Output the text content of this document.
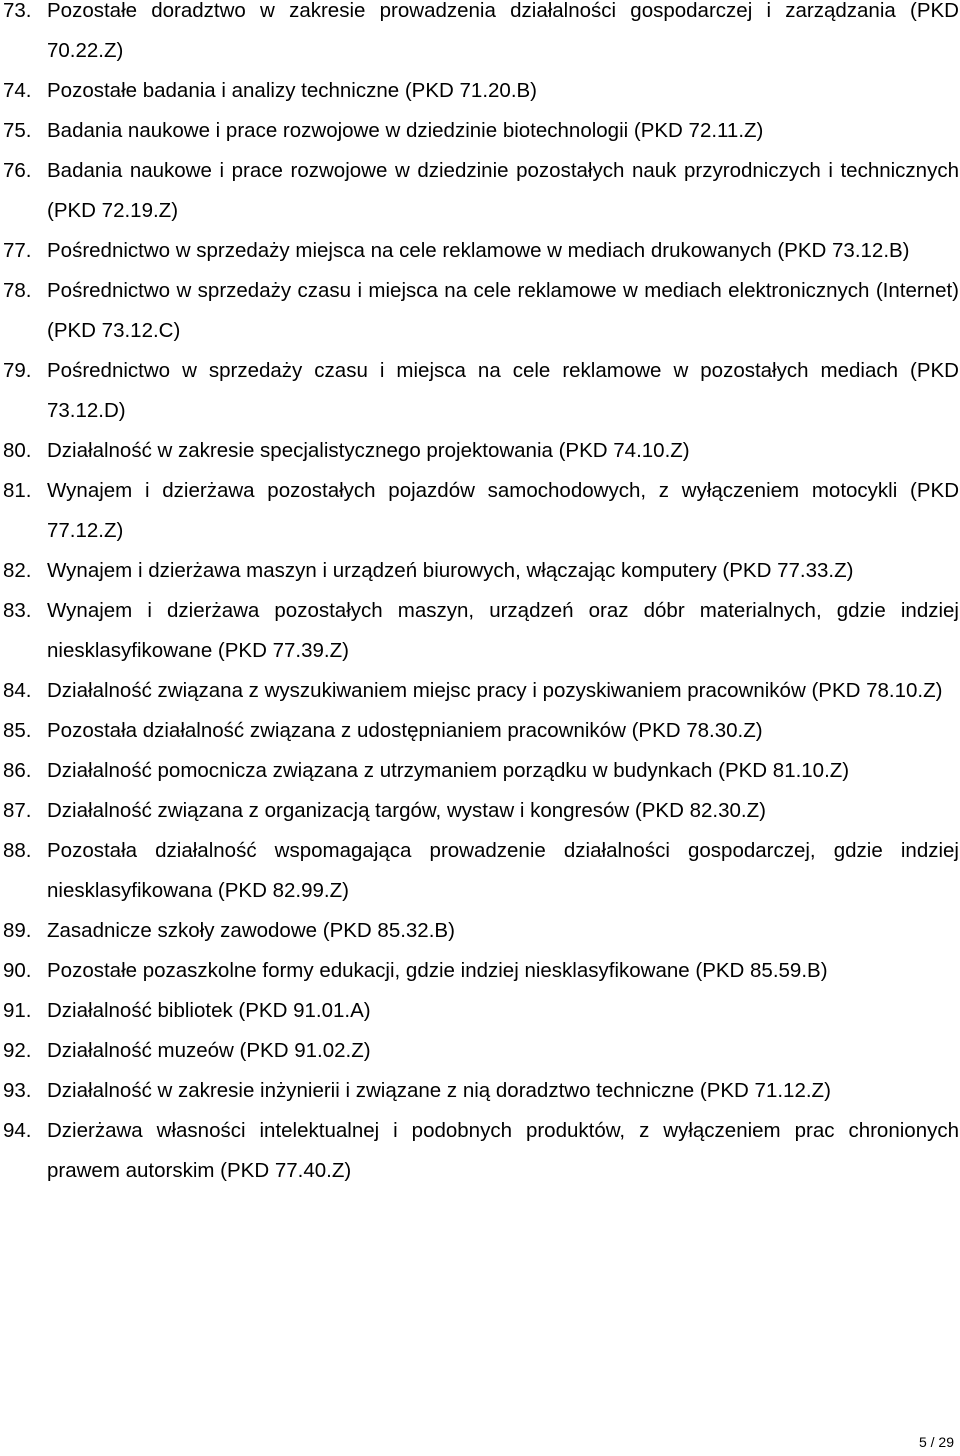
73. Pozostałe doradztwo w zakresie prowadzenia działalności gospodarczej i zarządzania (PKD 70.22.Z)
74. Pozostałe badania i analizy techniczne (PKD 71.20.B)
75. Badania naukowe i prace rozwojowe w dziedzinie biotechnologii (PKD 72.11.Z)
76. Badania naukowe i prace rozwojowe w dziedzinie pozostałych nauk przyrodniczych i technicznych (PKD 72.19.Z)
77. Pośrednictwo w sprzedaży miejsca na cele reklamowe w mediach drukowanych (PKD 73.12.B)
78. Pośrednictwo w sprzedaży czasu i miejsca na cele reklamowe w mediach elektronicznych (Internet) (PKD 73.12.C)
79. Pośrednictwo w sprzedaży czasu i miejsca na cele reklamowe w pozostałych mediach (PKD 73.12.D)
80. Działalność w zakresie specjalistycznego projektowania (PKD 74.10.Z)
81. Wynajem i dzierżawa pozostałych pojazdów samochodowych, z wyłączeniem motocykli (PKD 77.12.Z)
82. Wynajem i dzierżawa maszyn i urządzeń biurowych, włączając komputery (PKD 77.33.Z)
83. Wynajem i dzierżawa pozostałych maszyn, urządzeń oraz dóbr materialnych, gdzie indziej niesklasyfikowane (PKD 77.39.Z)
84. Działalność związana z wyszukiwaniem miejsc pracy i pozyskiwaniem pracowników (PKD 78.10.Z)
85. Pozostała działalność związana z udostępnianiem pracowników (PKD 78.30.Z)
86. Działalność pomocnicza związana z utrzymaniem porządku w budynkach (PKD 81.10.Z)
87. Działalność związana z organizacją targów, wystaw i kongresów (PKD 82.30.Z)
88. Pozostała działalność wspomagająca prowadzenie działalności gospodarczej, gdzie indziej niesklasyfikowana (PKD 82.99.Z)
89. Zasadnicze szkoły zawodowe (PKD 85.32.B)
90. Pozostałe pozaszkolne formy edukacji, gdzie indziej niesklasyfikowane (PKD 85.59.B)
91. Działalność bibliotek (PKD 91.01.A)
92. Działalność muzeów (PKD 91.02.Z)
93. Działalność w zakresie inżynierii i związane z nią doradztwo techniczne (PKD 71.12.Z)
94. Dzierżawa własności intelektualnej i podobnych produktów, z wyłączeniem prac chronionych prawem autorskim (PKD 77.40.Z)
5 / 29
